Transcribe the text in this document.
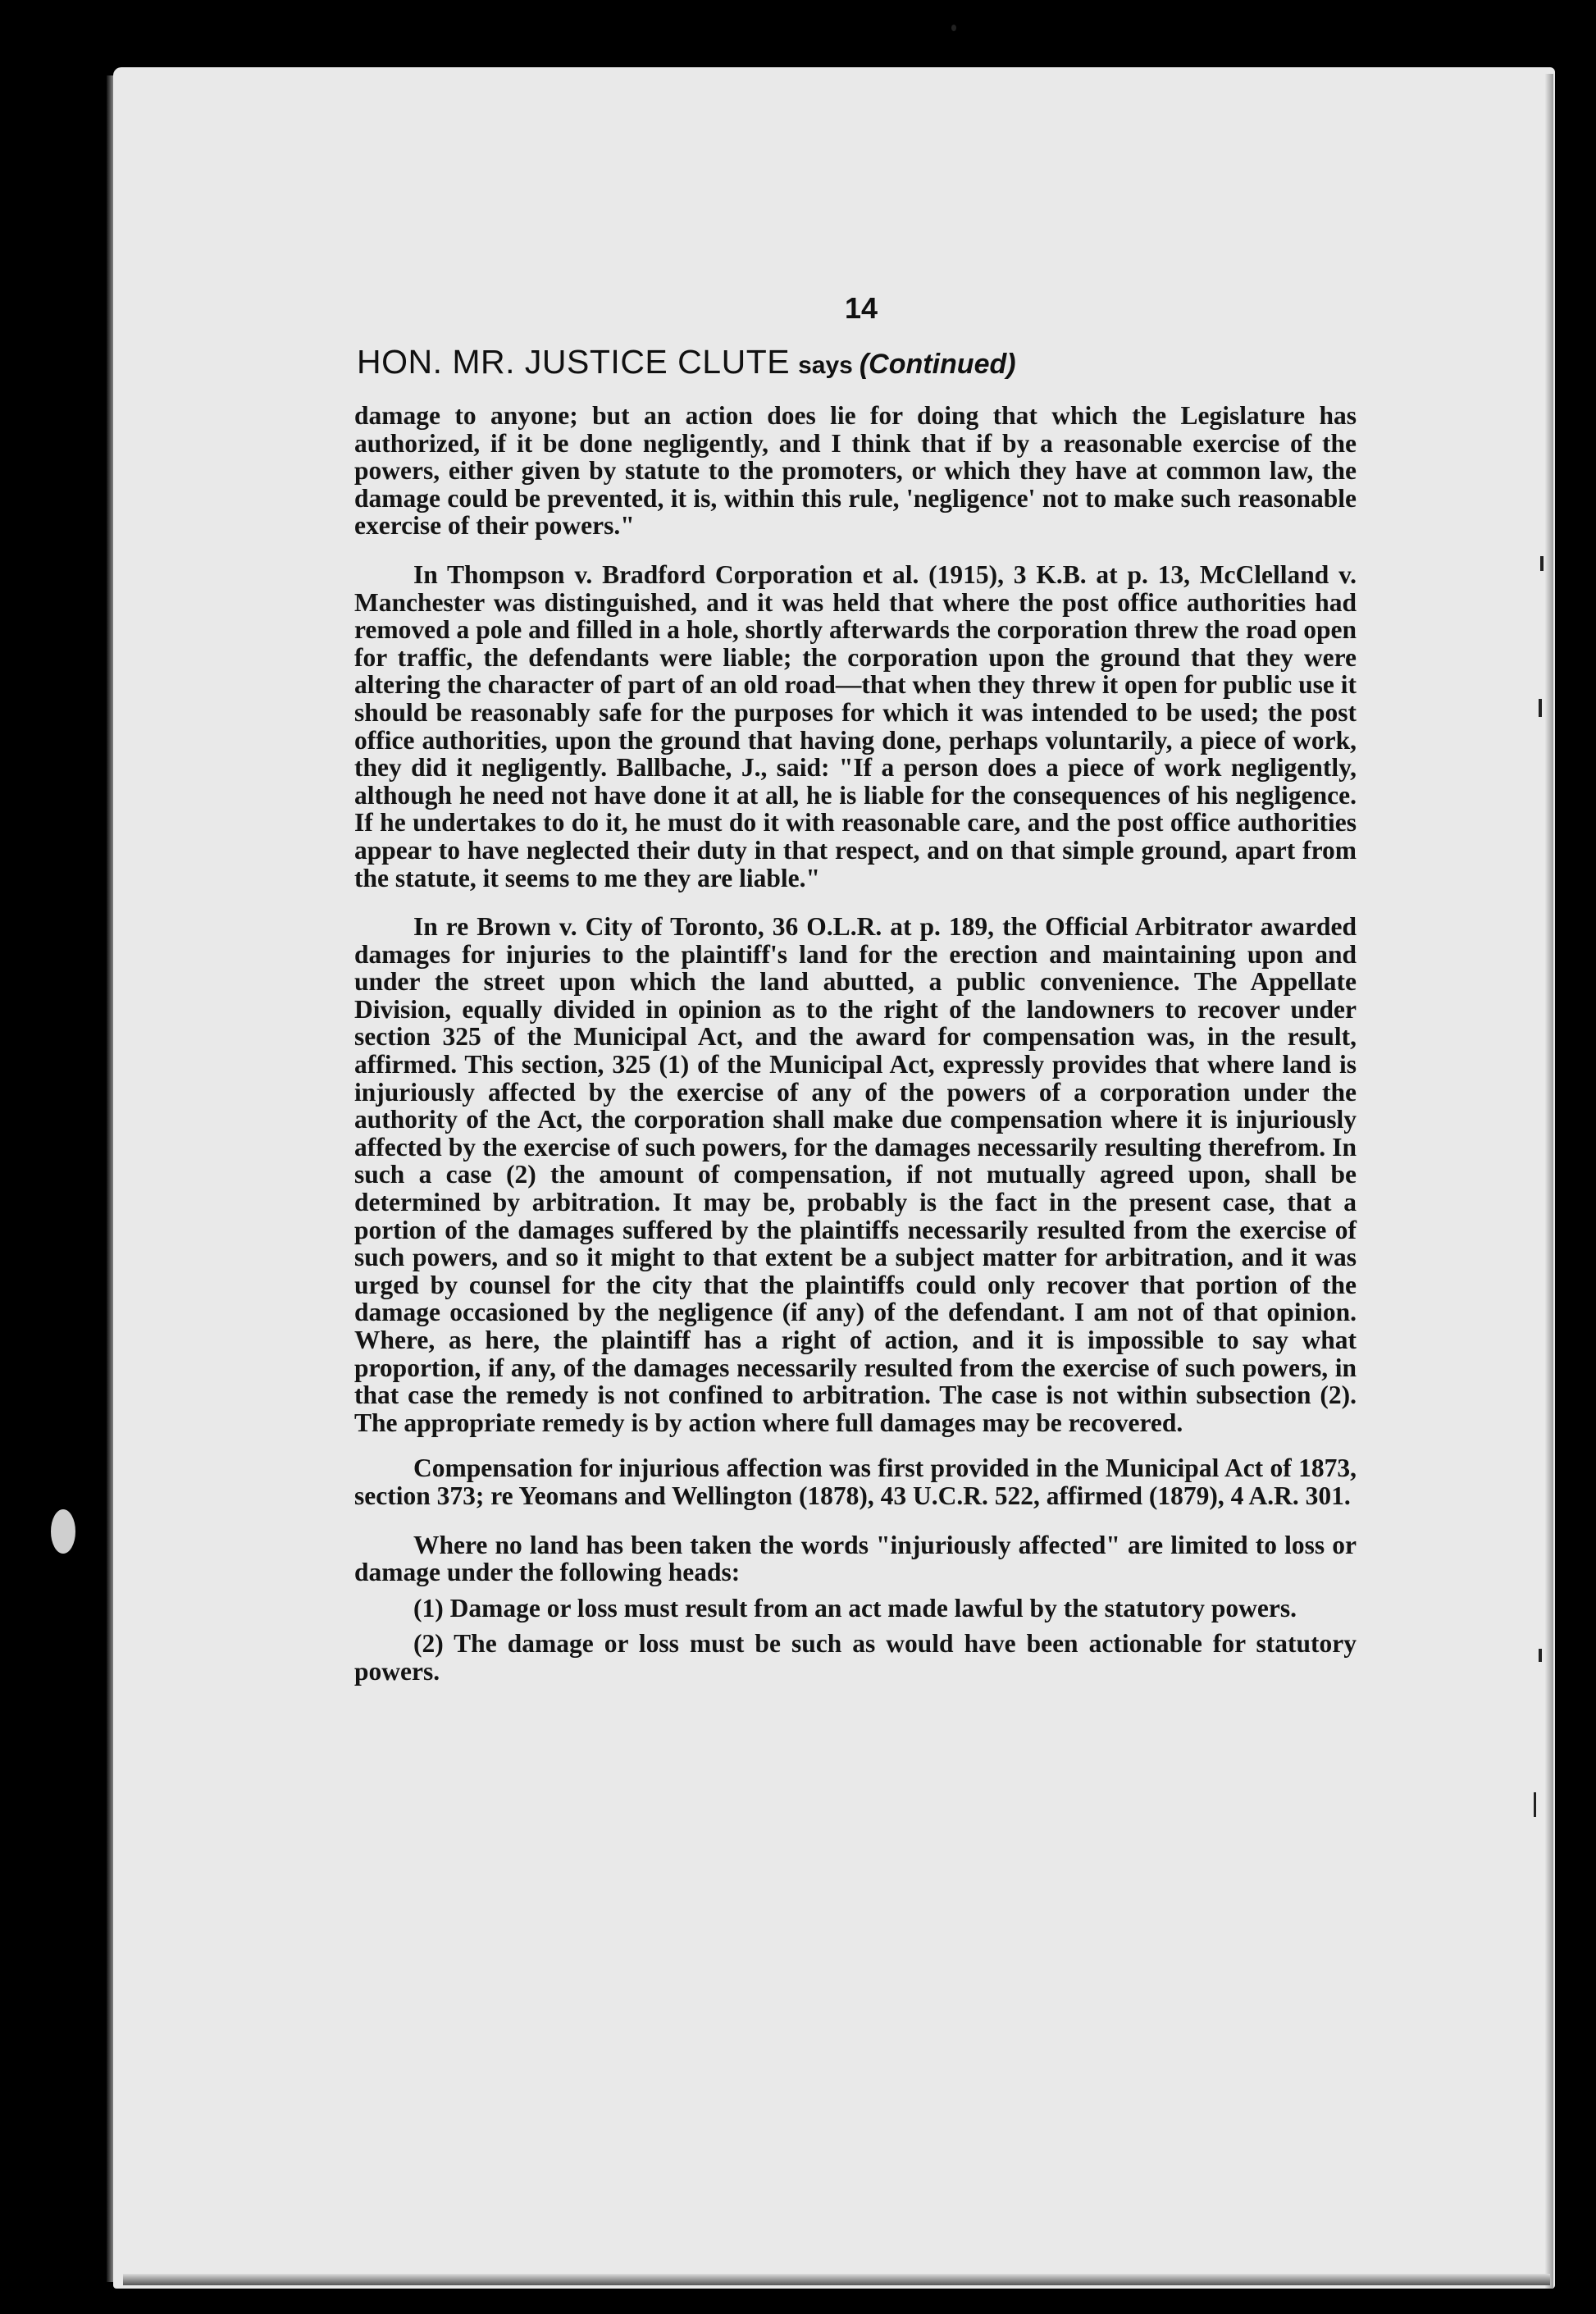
14
HON. MR. JUSTICE CLUTE says (Continued)

damage to anyone; but an action does lie for doing that which the Legislature has authorized, if it be done negligently, and I think that if by a reasonable exercise of the powers, either given by statute to the promoters, or which they have at common law, the damage could be prevented, it is, within this rule, 'negligence' not to make such reasonable exercise of their powers."

In Thompson v. Bradford Corporation et al. (1915), 3 K.B. at p. 13, McClelland v. Manchester was distinguished, and it was held that where the post office authorities had removed a pole and filled in a hole, shortly afterwards the corporation threw the road open for traffic, the defendants were liable; the corporation upon the ground that they were altering the character of part of an old road—that when they threw it open for public use it should be reasonably safe for the purposes for which it was intended to be used; the post office authorities, upon the ground that having done, perhaps voluntarily, a piece of work, they did it negligently. Ballbache, J., said: "If a person does a piece of work negligently, although he need not have done it at all, he is liable for the consequences of his negligence. If he undertakes to do it, he must do it with reasonable care, and the post office authorities appear to have neglected their duty in that respect, and on that simple ground, apart from the statute, it seems to me they are liable."

In re Brown v. City of Toronto, 36 O.L.R. at p. 189, the Official Arbitrator awarded damages for injuries to the plaintiff's land for the erection and maintaining upon and under the street upon which the land abutted, a public convenience. The Appellate Division, equally divided in opinion as to the right of the landowners to recover under section 325 of the Municipal Act, and the award for compensation was, in the result, affirmed. This section, 325 (1) of the Municipal Act, expressly provides that where land is injuriously affected by the exercise of any of the powers of a corporation under the authority of the Act, the corporation shall make due compensation where it is injuriously affected by the exercise of such powers, for the damages necessarily resulting therefrom. In such a case (2) the amount of compensation, if not mutually agreed upon, shall be determined by arbitration. It may be, probably is the fact in the present case, that a portion of the damages suffered by the plaintiffs necessarily resulted from the exercise of such powers, and so it might to that extent be a subject matter for arbitration, and it was urged by counsel for the city that the plaintiffs could only recover that portion of the damage occasioned by the negligence (if any) of the defendant. I am not of that opinion. Where, as here, the plaintiff has a right of action, and it is impossible to say what proportion, if any, of the damages necessarily resulted from the exercise of such powers, in that case the remedy is not confined to arbitration. The case is not within subsection (2). The appropriate remedy is by action where full damages may be recovered.

Compensation for injurious affection was first provided in the Municipal Act of 1873, section 373; re Yeomans and Wellington (1878), 43 U.C.R. 522, affirmed (1879), 4 A.R. 301.

Where no land has been taken the words "injuriously affected" are limited to loss or damage under the following heads:

(1) Damage or loss must result from an act made lawful by the statutory powers.

(2) The damage or loss must be such as would have been actionable for statutory powers.
